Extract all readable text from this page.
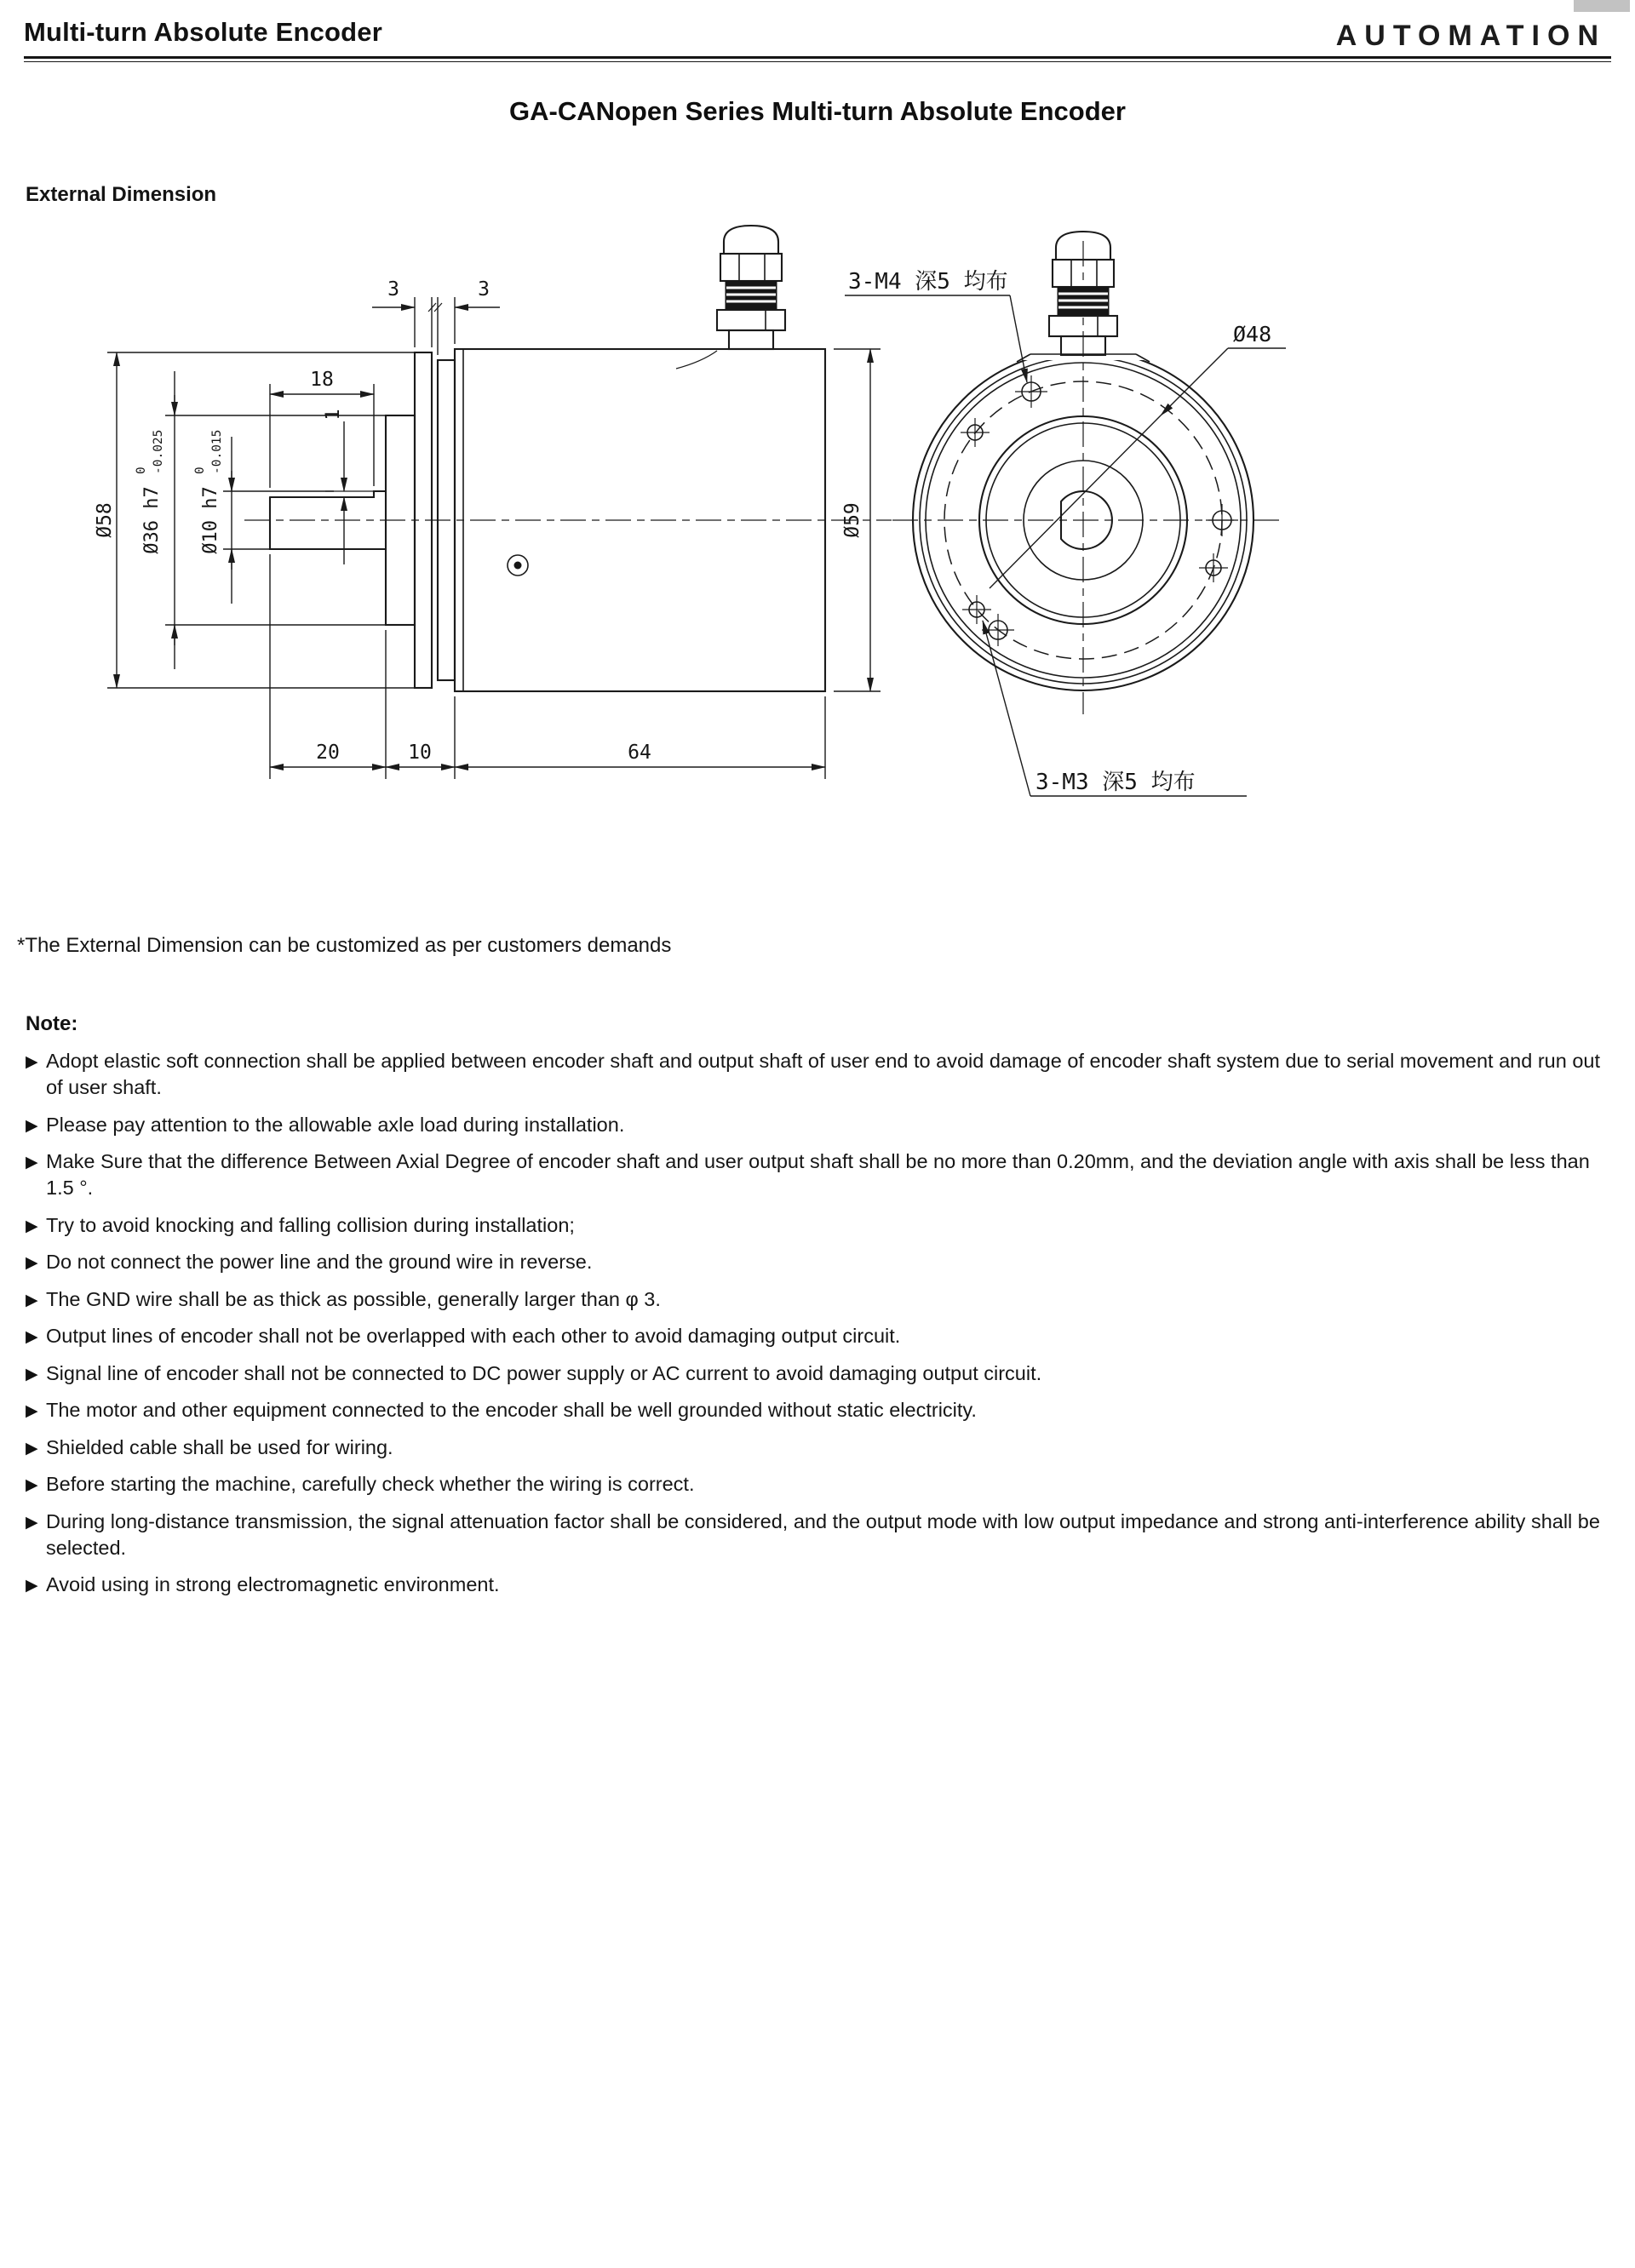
Multi-turn Absolute Encoder	AUTOMATION
GA-CANopen Series Multi-turn Absolute Encoder
External Dimension
Ø58 Ø36 h7
0 -0.025
Ø10 h7
0 -0.015
18
1
3	3
Ø59
20	10	64
3-M4 深5 均布
Ø48
3-M3 深5 均布
*The External Dimension can be customized as per customers demands
Note:
▶ Adopt elastic soft connection shall be applied between encoder shaft and output shaft of user end to avoid damage of encoder shaft system due to serial movement and run out of user shaft.
▶ Please pay attention to the allowable axle load during installation.
▶ Make Sure that the difference Between Axial Degree of encoder shaft and user output shaft shall be no more than 0.20mm, and the deviation angle with axis shall be less than 1.5 °.
▶ Try to avoid knocking and falling collision during installation;
▶ Do not connect the power line and the ground wire in reverse.
▶ The GND wire shall be as thick as possible, generally larger than φ 3.
▶ Output lines of encoder shall not be overlapped with each other to avoid damaging output circuit.
▶ Signal line of encoder shall not be connected to DC power supply or AC current to avoid damaging output circuit.
▶ The motor and other equipment connected to the encoder shall be well grounded without static electricity.
▶ Shielded cable shall be used for wiring.
▶ Before starting the machine, carefully check whether the wiring is correct.
▶ During long-distance transmission, the signal attenuation factor shall be considered, and the output mode with low output impedance and strong anti-interference ability shall be selected.
▶ Avoid using in strong electromagnetic environment.
